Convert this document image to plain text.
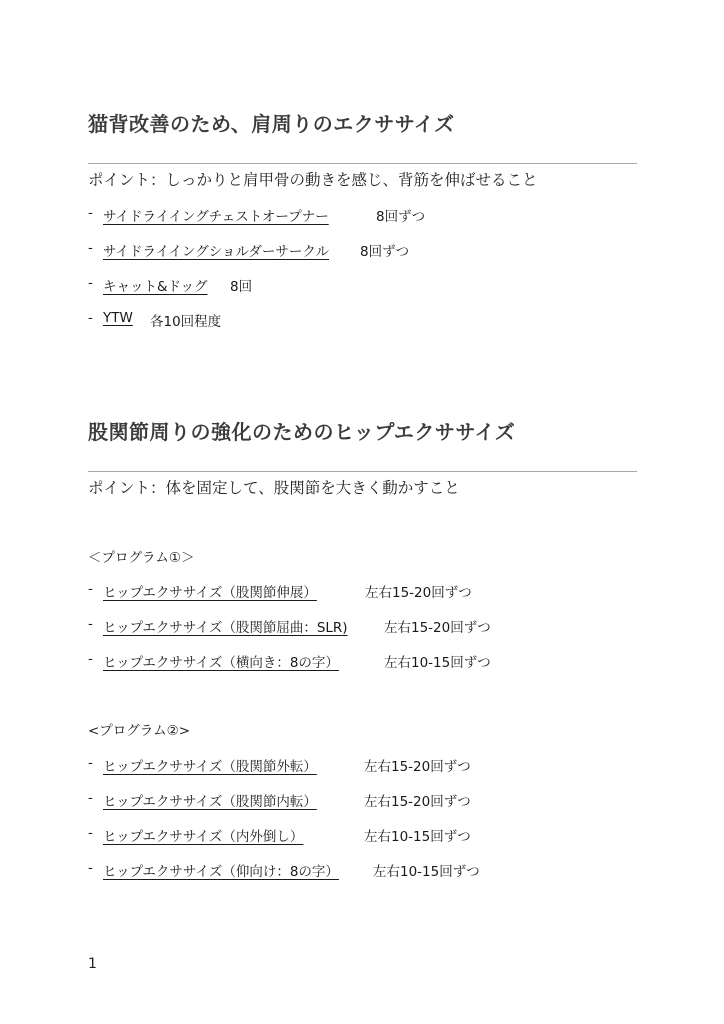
猫背改善のため、肩周りのエクササイズ
ポイント：しっかりと肩甲骨の動きを感じ、背筋を伸ばせること
- サイドライイングチェストオープナー	8回ずつ
- サイドライイングショルダーサークル 8回ずつ
- キャット&ドッグ 8回
- YTW 各10回程度
股関節周りの強化のためのヒップエクササイズ
ポイント：体を固定して、股関節を大きく動かすこと
＜プログラム①＞
- ヒップエクササイズ（股関節伸展）	左右15-20回ずつ
- ヒップエクササイズ（股関節屈曲：SLR)	左右15-20回ずつ
- ヒップエクササイズ（横向き：8の字）	左右10-15回ずつ
<プログラム②>
- ヒップエクササイズ（股関節外転）	左右15-20回ずつ
- ヒップエクササイズ（股関節内転）	左右15-20回ずつ
- ヒップエクササイズ（内外倒し）	左右10-15回ずつ
- ヒップエクササイズ（仰向け：8の字）	左右10-15回ずつ
1
